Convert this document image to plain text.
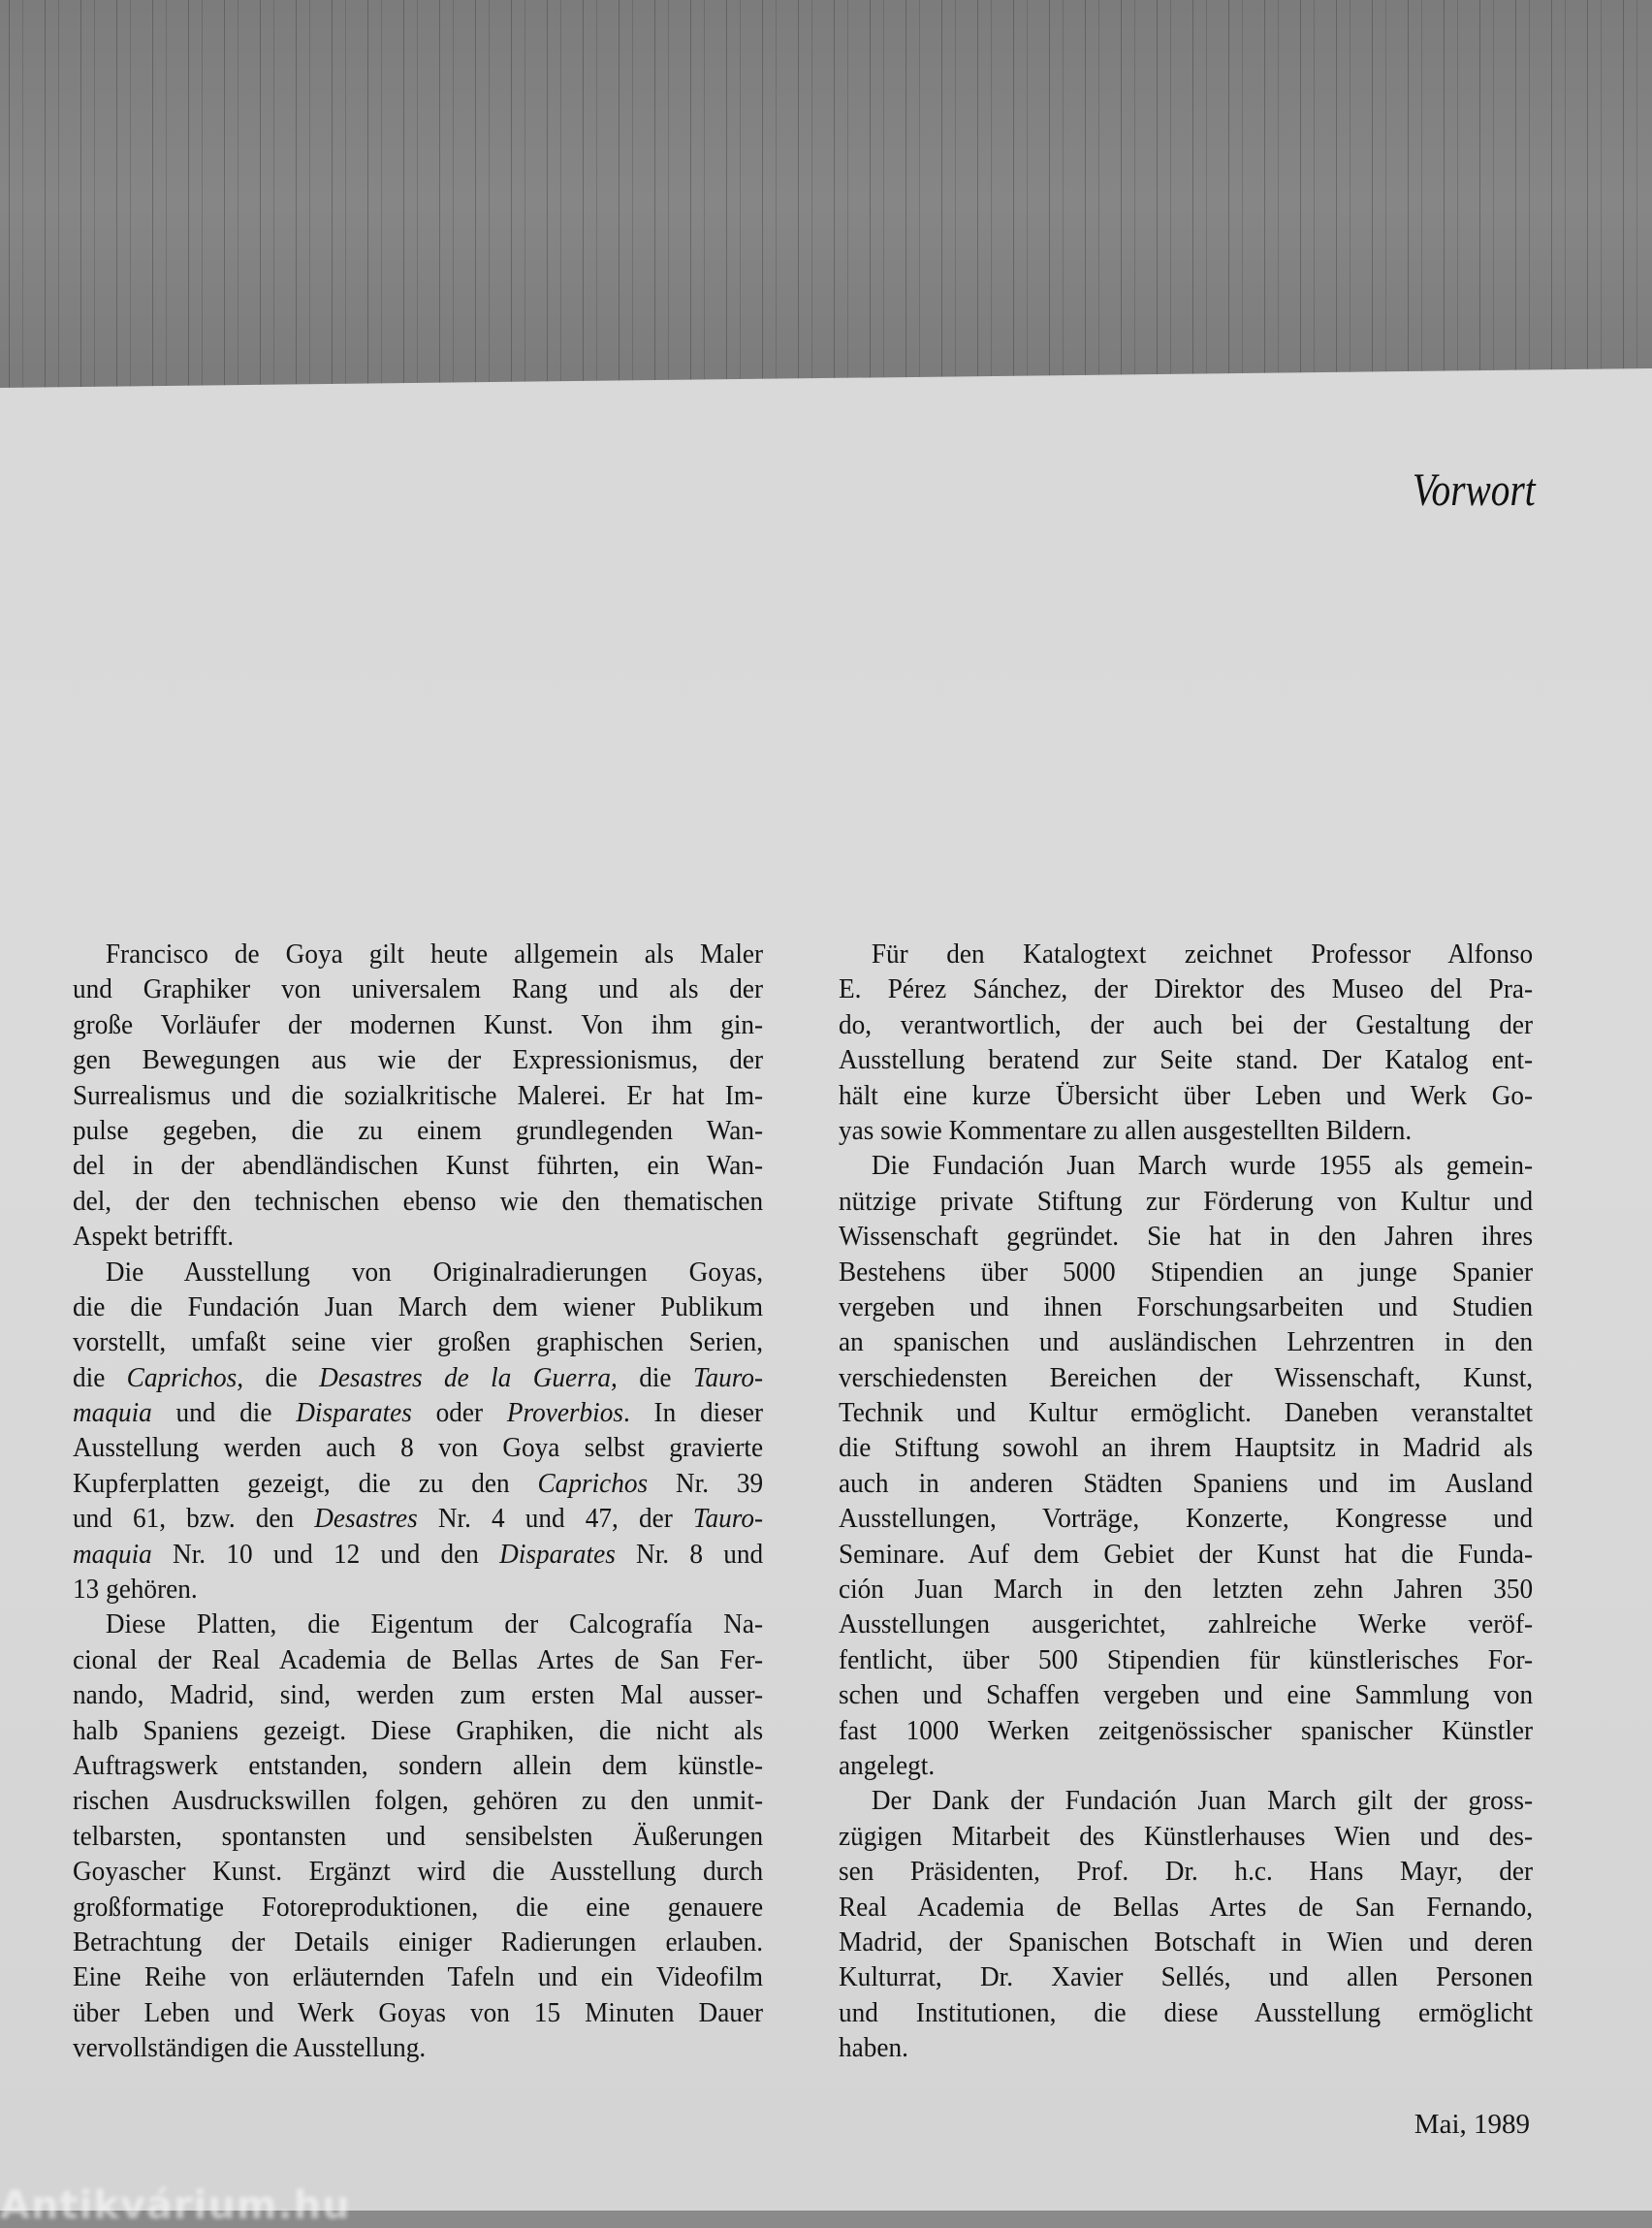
Vorwort
Francisco de Goya gilt heute allgemein als Maler
und Graphiker von universalem Rang und als der
große Vorläufer der modernen Kunst. Von ihm gin-
gen Bewegungen aus wie der Expressionismus, der
Surrealismus und die sozialkritische Malerei. Er hat Im-
pulse gegeben, die zu einem grundlegenden Wan-
del in der abendländischen Kunst führten, ein Wan-
del, der den technischen ebenso wie den thematischen
Aspekt betrifft.
Die Ausstellung von Originalradierungen Goyas,
die die Fundación Juan March dem wiener Publikum
vorstellt, umfaßt seine vier großen graphischen Serien,
die Caprichos, die Desastres de la Guerra, die Tauro-
maquia und die Disparates oder Proverbios. In dieser
Ausstellung werden auch 8 von Goya selbst gravierte
Kupferplatten gezeigt, die zu den Caprichos Nr. 39
und 61, bzw. den Desastres Nr. 4 und 47, der Tauro-
maquia Nr. 10 und 12 und den Disparates Nr. 8 und
13 gehören.
Diese Platten, die Eigentum der Calcografía Na-
cional der Real Academia de Bellas Artes de San Fer-
nando, Madrid, sind, werden zum ersten Mal ausser-
halb Spaniens gezeigt. Diese Graphiken, die nicht als
Auftragswerk entstanden, sondern allein dem künstle-
rischen Ausdruckswillen folgen, gehören zu den unmit-
telbarsten, spontansten und sensibelsten Äußerungen
Goyascher Kunst. Ergänzt wird die Ausstellung durch
großformatige Fotoreproduktionen, die eine genauere
Betrachtung der Details einiger Radierungen erlauben.
Eine Reihe von erläuternden Tafeln und ein Videofilm
über Leben und Werk Goyas von 15 Minuten Dauer
vervollständigen die Ausstellung.
Für den Katalogtext zeichnet Professor Alfonso
E. Pérez Sánchez, der Direktor des Museo del Pra-
do, verantwortlich, der auch bei der Gestaltung der
Ausstellung beratend zur Seite stand. Der Katalog ent-
hält eine kurze Übersicht über Leben und Werk Go-
yas sowie Kommentare zu allen ausgestellten Bildern.
Die Fundación Juan March wurde 1955 als gemein-
nützige private Stiftung zur Förderung von Kultur und
Wissenschaft gegründet. Sie hat in den Jahren ihres
Bestehens über 5000 Stipendien an junge Spanier
vergeben und ihnen Forschungsarbeiten und Studien
an spanischen und ausländischen Lehrzentren in den
verschiedensten Bereichen der Wissenschaft, Kunst,
Technik und Kultur ermöglicht. Daneben veranstaltet
die Stiftung sowohl an ihrem Hauptsitz in Madrid als
auch in anderen Städten Spaniens und im Ausland
Ausstellungen, Vorträge, Konzerte, Kongresse und
Seminare. Auf dem Gebiet der Kunst hat die Funda-
ción Juan March in den letzten zehn Jahren 350
Ausstellungen ausgerichtet, zahlreiche Werke veröf-
fentlicht, über 500 Stipendien für künstlerisches For-
schen und Schaffen vergeben und eine Sammlung von
fast 1000 Werken zeitgenössischer spanischer Künstler
angelegt.
Der Dank der Fundación Juan March gilt der gross-
zügigen Mitarbeit des Künstlerhauses Wien und des-
sen Präsidenten, Prof. Dr. h.c. Hans Mayr, der
Real Academia de Bellas Artes de San Fernando,
Madrid, der Spanischen Botschaft in Wien und deren
Kulturrat, Dr. Xavier Sellés, und allen Personen
und Institutionen, die diese Ausstellung ermöglicht
haben.

Mai, 1989

Antikvárium.hu
